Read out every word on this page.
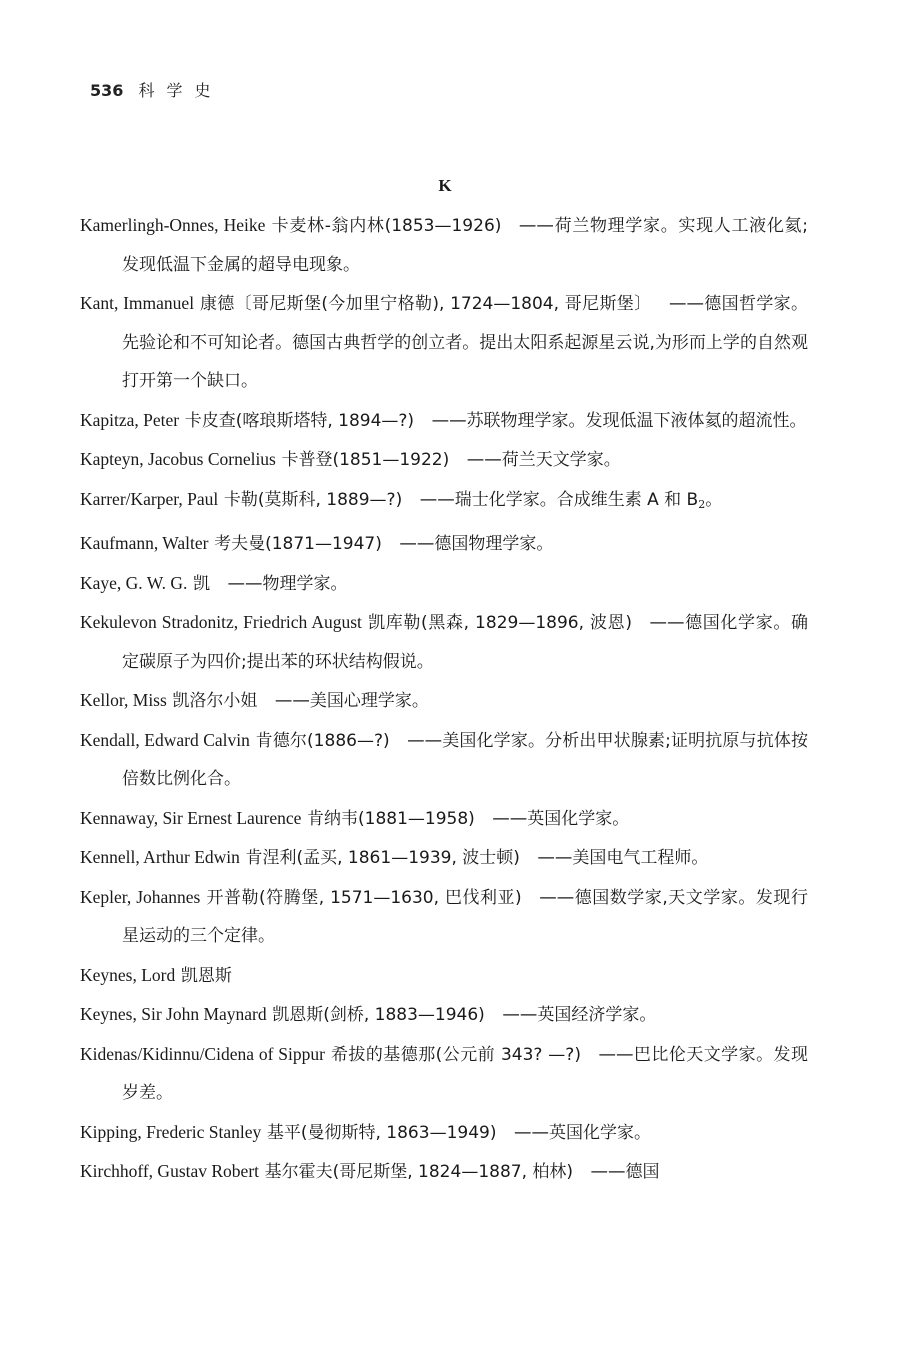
536 科学史
K

Kamerlingh-Onnes, Heike 卡麦林-翁内林(1853—1926)  ——荷兰物理学家。实现人工液化氦;发现低温下金属的超导电现象。

Kant, Immanuel 康德〔哥尼斯堡(今加里宁格勒), 1724—1804, 哥尼斯堡〕  ——德国哲学家。先验论和不可知论者。德国古典哲学的创立者。提出太阳系起源星云说,为形而上学的自然观打开第一个缺口。

Kapitza, Peter 卡皮查(喀琅斯塔特, 1894—?)  ——苏联物理学家。发现低温下液体氦的超流性。

Kapteyn, Jacobus Cornelius 卡普登(1851—1922)  ——荷兰天文学家。

Karrer/Karper, Paul 卡勒(莫斯科, 1889—?)  ——瑞士化学家。合成维生素 A 和 $B_2$。

Kaufmann, Walter 考夫曼(1871—1947)  ——德国物理学家。

Kaye, G. W. G. 凯  ——物理学家。

Kekulevon Stradonitz, Friedrich August 凯库勒(黑森, 1829—1896, 波恩)  ——德国化学家。确定碳原子为四价;提出苯的环状结构假说。

Kellor, Miss 凯洛尔小姐  ——美国心理学家。

Kendall, Edward Calvin 肯德尔(1886—?)  ——美国化学家。分析出甲状腺素;证明抗原与抗体按倍数比例化合。

Kennaway, Sir Ernest Laurence 肯纳韦(1881—1958)  ——英国化学家。

Kennell, Arthur Edwin 肯涅利(孟买, 1861—1939, 波士顿)  ——美国电气工程师。

Kepler, Johannes 开普勒(符腾堡, 1571—1630, 巴伐利亚)  ——德国数学家,天文学家。发现行星运动的三个定律。

Keynes, Lord 凯恩斯

Keynes, Sir John Maynard 凯恩斯(剑桥, 1883—1946)  ——英国经济学家。

Kidenas/Kidinnu/Cidena of Sippur 希拔的基德那(公元前 343? —?)  ——巴比伦天文学家。发现岁差。

Kipping, Frederic Stanley 基平(曼彻斯特, 1863—1949)  ——英国化学家。

Kirchhoff, Gustav Robert 基尔霍夫(哥尼斯堡, 1824—1887, 柏林)  ——德国
